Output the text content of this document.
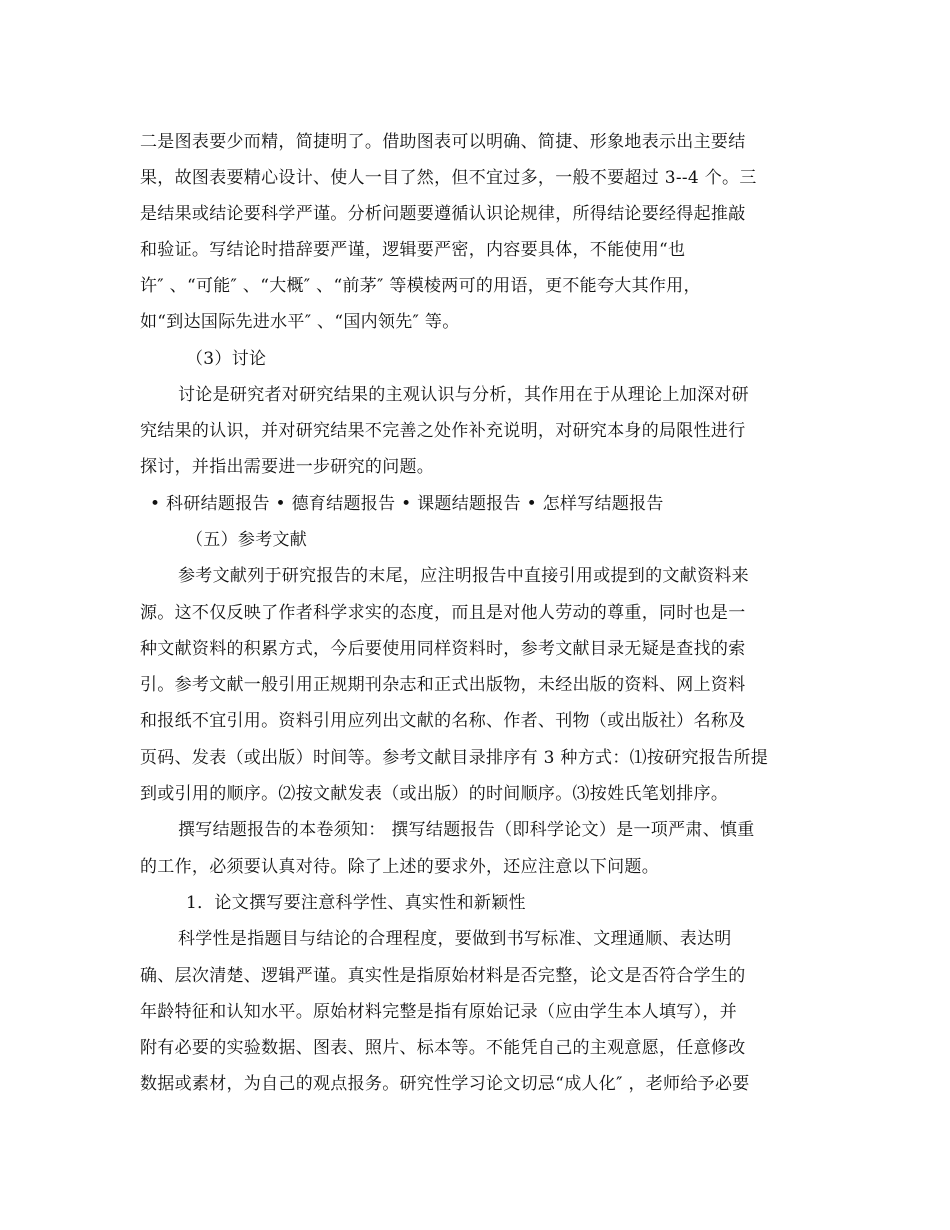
二是图表要少而精，简捷明了。借助图表可以明确、简捷、形象地表示出主要结
果，故图表要精心设计、使人一目了然，但不宜过多，一般不要超过 3--4 个。三
是结果或结论要科学严谨。分析问题要遵循认识论规律，所得结论要经得起推敲
和验证。写结论时措辞要严谨，逻辑要严密，内容要具体，不能使用“也
许″ 、“可能″ 、“大概″ 、“前茅″ 等模棱两可的用语，更不能夸大其作用，
如“到达国际先进水平″ 、“国内领先″ 等。
（3）讨论
讨论是研究者对研究结果的主观认识与分析，其作用在于从理论上加深对研
究结果的认识，并对研究结果不完善之处作补充说明，对研究本身的局限性进行
探讨，并指出需要进一步研究的问题。
• 科研结题报告 • 德育结题报告 • 课题结题报告 • 怎样写结题报告
（五）参考文献
参考文献列于研究报告的末尾，应注明报告中直接引用或提到的文献资料来
源。这不仅反映了作者科学求实的态度，而且是对他人劳动的尊重，同时也是一
种文献资料的积累方式，今后要使用同样资料时，参考文献目录无疑是查找的索
引。参考文献一般引用正规期刊杂志和正式出版物，未经出版的资料、网上资料
和报纸不宜引用。资料引用应列出文献的名称、作者、刊物（或出版社）名称及
页码、发表（或出版）时间等。参考文献目录排序有 3 种方式：⑴按研究报告所提
到或引用的顺序。⑵按文献发表（或出版）的时间顺序。⑶按姓氏笔划排序。
撰写结题报告的本卷须知： 撰写结题报告（即科学论文）是一项严肃、慎重
的工作，必须要认真对待。除了上述的要求外，还应注意以下问题。
1．论文撰写要注意科学性、真实性和新颖性
科学性是指题目与结论的合理程度，要做到书写标准、文理通顺、表达明
确、层次清楚、逻辑严谨。真实性是指原始材料是否完整，论文是否符合学生的
年龄特征和认知水平。原始材料完整是指有原始记录（应由学生本人填写），并
附有必要的实验数据、图表、照片、标本等。不能凭自己的主观意愿，任意修改
数据或素材，为自己的观点报务。研究性学习论文切忌“成人化″ ，老师给予必要
